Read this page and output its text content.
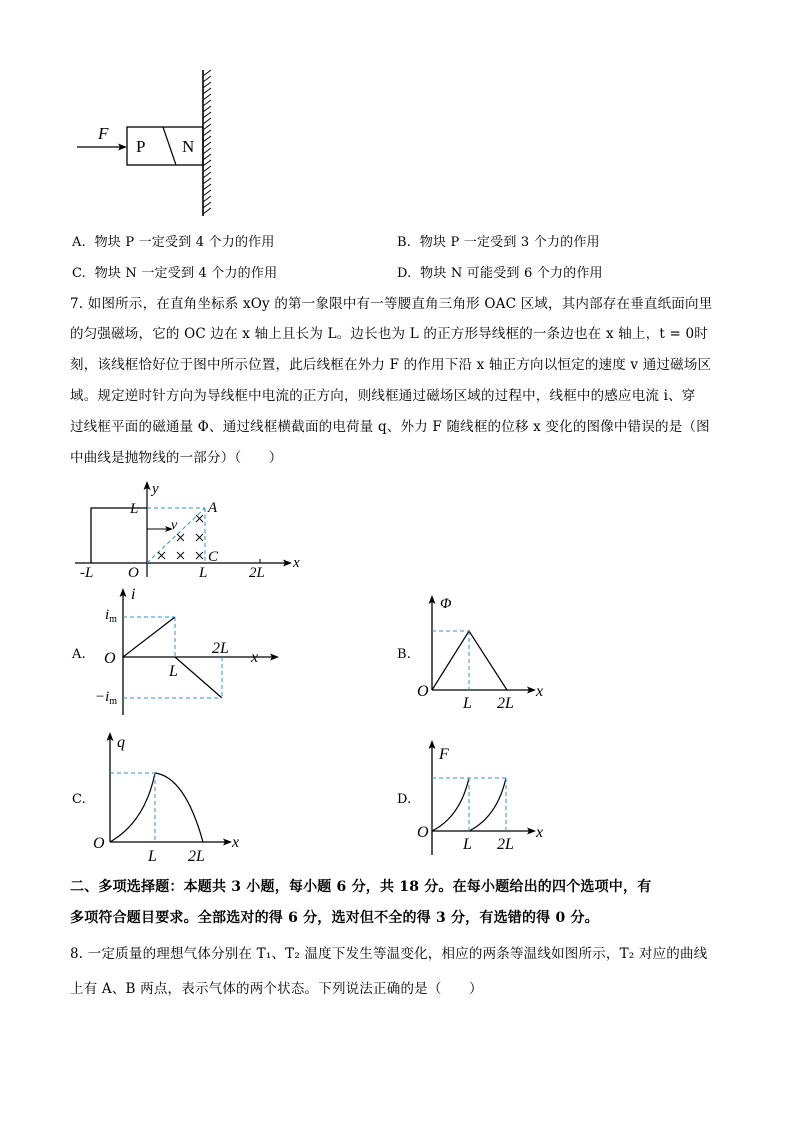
P N
F
A. 物块 P 一定受到 4 个力的作用	B. 物块 P 一定受到 3 个力的作用
C. 物块 N 一定受到 4 个力的作用	D. 物块 N 可能受到 6 个力的作用
7. 如图所示，在直角坐标系 xOy 的第一象限中有一等腰直角三角形 OAC 区域，其内部存在垂直纸面向里
的匀强磁场，它的 OC 边在 x 轴上且长为 L。边长也为 L 的正方形导线框的一条边也在 x 轴上，t = 0时
刻，该线框恰好位于图中所示位置，此后线框在外力 F 的作用下沿 x 轴正方向以恒定的速度 v 通过磁场区
域。规定逆时针方向为导线框中电流的正方向，则线框通过磁场区域的过程中，线框中的感应电流 i、穿
过线框平面的磁通量 Φ、通过线框横截面的电荷量 q、外力 F 随线框的位移 x 变化的图像中错误的是（图
中曲线是抛物线的一部分）（　　）
v
y
x
L	A
C
-L O	L	2L
A.
i
$i_m$
$-i_m$
O
L
2L
x	B.
Φ
O
L 2L
x
C.
q
O
L 2L
x
D.
F
O
L 2L
x
二、多项选择题：本题共 3 小题，每小题 6 分，共 18 分。在每小题给出的四个选项中，有
多项符合题目要求。全部选对的得 6 分，选对但不全的得 3 分，有选错的得 0 分。
8. 一定质量的理想气体分别在 T₁、T₂ 温度下发生等温变化，相应的两条等温线如图所示，T₂ 对应的曲线
上有 A、B 两点，表示气体的两个状态。下列说法正确的是（　　）
